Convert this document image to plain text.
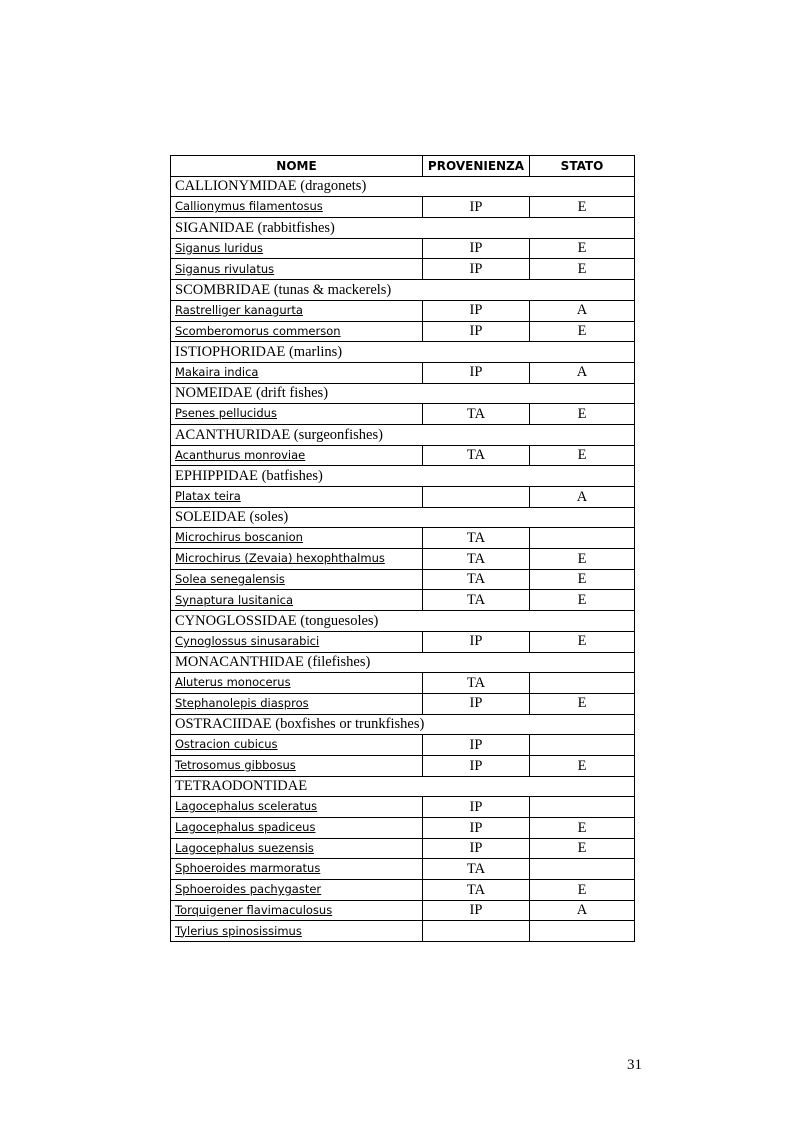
NOME	PROVENIENZA	STATO
CALLIONYMIDAE (dragonets)		
Callionymus filamentosus	IP	E
SIGANIDAE (rabbitfishes)		
Siganus luridus	IP	E
Siganus rivulatus	IP	E
SCOMBRIDAE (tunas & mackerels)		
Rastrelliger kanagurta	IP	A
Scomberomorus commerson	IP	E
ISTIOPHORIDAE (marlins)		
Makaira indica	IP	A
NOMEIDAE (drift fishes)		
Psenes pellucidus	TA	E
ACANTHURIDAE (surgeonfishes)		
Acanthurus monroviae	TA	E
EPHIPPIDAE (batfishes)		
Platax teira		A
SOLEIDAE (soles)		
Microchirus boscanion	TA	
Microchirus (Zevaia) hexophthalmus	TA	E
Solea senegalensis	TA	E
Synaptura lusitanica	TA	E
CYNOGLOSSIDAE (tonguesoles)		
Cynoglossus sinusarabici	IP	E
MONACANTHIDAE (filefishes)		
Aluterus monocerus	TA	
Stephanolepis diaspros	IP	E
OSTRACIIDAE (boxfishes or trunkfishes)		
Ostracion cubicus	IP	
Tetrosomus gibbosus	IP	E
TETRAODONTIDAE		
Lagocephalus sceleratus	IP	
Lagocephalus spadiceus	IP	E
Lagocephalus suezensis	IP	E
Sphoeroides marmoratus	TA	
Sphoeroides pachygaster	TA	E
Torquigener flavimaculosus	IP	A
Tylerius spinosissimus		
31
